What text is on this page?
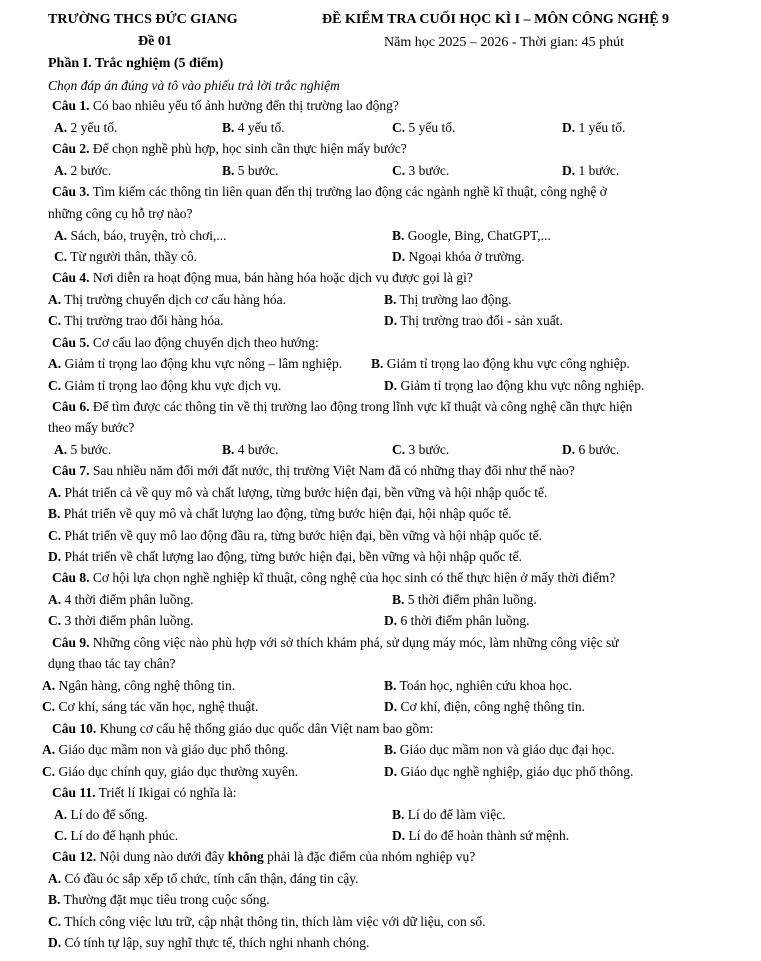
TRƯỜNG THCS ĐỨC GIANG	ĐỀ KIỂM TRA CUỐI HỌC KÌ I – MÔN CÔNG NGHỆ 9
Đề 01	Năm học 2025 – 2026 - Thời gian: 45 phút
Phần I. Trắc nghiệm (5 điểm)
Chọn đáp án đúng và tô vào phiếu trả lời trắc nghiệm
Câu 1. Có bao nhiêu yếu tố ảnh hưởng đến thị trường lao động?
A. 2 yếu tố.	B. 4 yếu tố.	C. 5 yếu tố.	D. 1 yếu tố.
Câu 2. Để chọn nghề phù hợp, học sinh cần thực hiện mấy bước?
A. 2 bước.	B. 5 bước.	C. 3 bước.	D. 1 bước.
Câu 3. Tìm kiếm các thông tin liên quan đến thị trường lao động các ngành nghề kĩ thuật, công nghệ ở
những công cụ hỗ trợ nào?
A. Sách, báo, truyện, trò chơi,...	B. Google, Bing, ChatGPT,...
C. Từ người thân, thầy cô.	D. Ngoại khóa ở trường.
Câu 4. Nơi diễn ra hoạt động mua, bán hàng hóa hoặc dịch vụ được gọi là gì?
A. Thị trường chuyển dịch cơ cấu hàng hóa.	B. Thị trường lao động.
C. Thị trường trao đổi hàng hóa.	D. Thị trường trao đổi - sản xuất.
Câu 5. Cơ cấu lao động chuyển dịch theo hướng:
A. Giảm tỉ trọng lao động khu vực nông – lâm nghiệp. B. Giảm tỉ trọng lao động khu vực công nghiệp.
C. Giảm tỉ trọng lao động khu vực dịch vụ.	D. Giảm tỉ trọng lao động khu vực nông nghiệp.
Câu 6. Để tìm được các thông tin về thị trường lao động trong lĩnh vực kĩ thuật và công nghệ cần thực hiện
theo mấy bước?
A. 5 bước.	B. 4 bước.	C. 3 bước.	D. 6 bước.
Câu 7. Sau nhiều năm đổi mới đất nước, thị trường Việt Nam đã có những thay đổi như thế nào?
A. Phát triển cả về quy mô và chất lượng, từng bước hiện đại, bền vững và hội nhập quốc tế.
B. Phát triển về quy mô và chất lượng lao động, từng bước hiện đại, hội nhập quốc tế.
C. Phát triển về quy mô lao động đầu ra, từng bước hiện đại, bền vững và hội nhập quốc tế.
D. Phát triển về chất lượng lao động, từng bước hiện đại, bền vững và hội nhập quốc tế.
Câu 8. Cơ hội lựa chọn nghề nghiệp kĩ thuật, công nghệ của học sinh có thể thực hiện ở mấy thời điểm?
A. 4 thời điểm phân luồng.	B. 5 thời điểm phân luồng.
C. 3 thời điểm phân luồng.	D. 6 thời điểm phân luồng.
Câu 9. Những công việc nào phù hợp với sở thích khám phá, sử dụng máy móc, làm những công việc sử
dụng thao tác tay chân?
A. Ngân hàng, công nghệ thông tin.	B. Toán học, nghiên cứu khoa học.
C. Cơ khí, sáng tác văn học, nghệ thuật.	D. Cơ khí, điện, công nghệ thông tin.
Câu 10. Khung cơ cấu hệ thống giáo dục quốc dân Việt nam bao gồm:
A. Giáo dục mầm non và giáo dục phổ thông.	B. Giáo dục mầm non và giáo dục đại học.
C. Giáo dục chính quy, giáo dục thường xuyên.	D. Giáo dục nghề nghiệp, giáo dục phổ thông.
Câu 11. Triết lí Ikigai có nghĩa là:
A. Lí do để sống.	B. Lí do để làm việc.
C. Lí do để hạnh phúc.	D. Lí do để hoàn thành sứ mệnh.
Câu 12. Nội dung nào dưới đây không phải là đặc điểm của nhóm nghiệp vụ?
A. Có đầu óc sắp xếp tổ chức, tính cẩn thận, đáng tin cậy.
B. Thường đặt mục tiêu trong cuộc sống.
C. Thích công việc lưu trữ, cập nhật thông tin, thích làm việc với dữ liệu, con số.
D. Có tính tự lập, suy nghĩ thực tế, thích nghi nhanh chóng.
